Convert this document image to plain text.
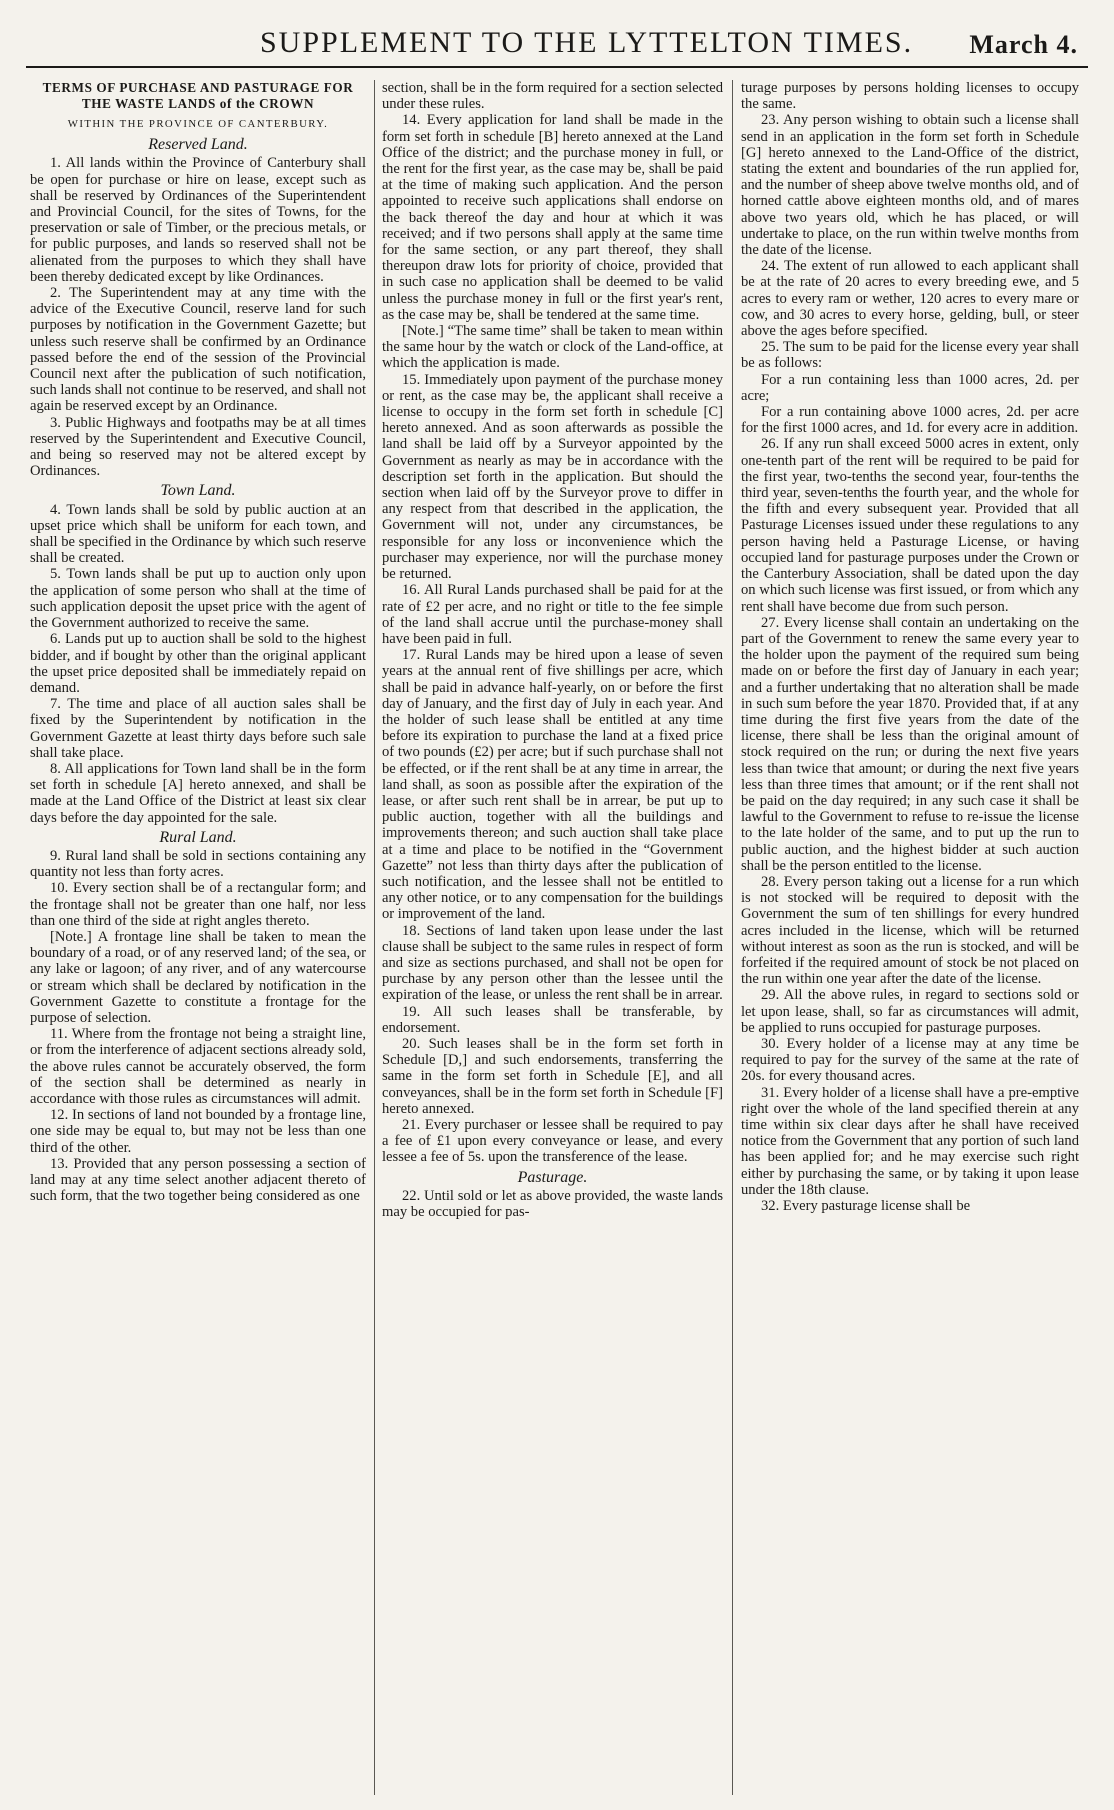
SUPPLEMENT TO THE LYTTELTON TIMES. March 4.

TERMS OF PURCHASE AND PASTURAGE FOR THE WASTE LANDS of the CROWN

WITHIN THE PROVINCE OF CANTERBURY.

Reserved Land.

1. All lands within the Province of Canterbury shall be open for purchase or hire on lease, except such as shall be reserved by Ordinances of the Superintendent and Provincial Council, for the sites of Towns, for the preservation or sale of Timber, or the precious metals, or for public purposes, and lands so reserved shall not be alienated from the purposes to which they shall have been thereby dedicated except by like Ordinances.

2. The Superintendent may at any time with the advice of the Executive Council, reserve land for such purposes by notification in the Government Gazette; but unless such reserve shall be confirmed by an Ordinance passed before the end of the session of the Provincial Council next after the publication of such notification, such lands shall not continue to be reserved, and shall not again be reserved except by an Ordinance.

3. Public Highways and footpaths may be at all times reserved by the Superintendent and Executive Council, and being so reserved may not be altered except by Ordinances.

Town Land.

4. Town lands shall be sold by public auction at an upset price which shall be uniform for each town, and shall be specified in the Ordinance by which such reserve shall be created.

5. Town lands shall be put up to auction only upon the application of some person who shall at the time of such application deposit the upset price with the agent of the Government authorized to receive the same.

6. Lands put up to auction shall be sold to the highest bidder, and if bought by other than the original applicant the upset price deposited shall be immediately repaid on demand.

7. The time and place of all auction sales shall be fixed by the Superintendent by notification in the Government Gazette at least thirty days before such sale shall take place.

8. All applications for Town land shall be in the form set forth in schedule [A] hereto annexed, and shall be made at the Land Office of the District at least six clear days before the day appointed for the sale.

Rural Land.

9. Rural land shall be sold in sections containing any quantity not less than forty acres.

10. Every section shall be of a rectangular form; and the frontage shall not be greater than one half, nor less than one third of the side at right angles thereto.

[Note.] A frontage line shall be taken to mean the boundary of a road, or of any reserved land; of the sea, or any lake or lagoon; of any river, and of any watercourse or stream which shall be declared by notification in the Government Gazette to constitute a frontage for the purpose of selection.

11. Where from the frontage not being a straight line, or from the interference of adjacent sections already sold, the above rules cannot be accurately observed, the form of the section shall be determined as nearly in accordance with those rules as circumstances will admit.

12. In sections of land not bounded by a frontage line, one side may be equal to, but may not be less than one third of the other.

13. Provided that any person possessing a section of land may at any time select another adjacent thereto of such form, that the two together being considered as one

section, shall be in the form required for a section selected under these rules.

14. Every application for land shall be made in the form set forth in schedule [B] hereto annexed at the Land Office of the district; and the purchase money in full, or the rent for the first year, as the case may be, shall be paid at the time of making such application. And the person appointed to receive such applications shall endorse on the back thereof the day and hour at which it was received; and if two persons shall apply at the same time for the same section, or any part thereof, they shall thereupon draw lots for priority of choice, provided that in such case no application shall be deemed to be valid unless the purchase money in full or the first year's rent, as the case may be, shall be tendered at the same time.

[Note.] “The same time” shall be taken to mean within the same hour by the watch or clock of the Land-office, at which the application is made.

15. Immediately upon payment of the purchase money or rent, as the case may be, the applicant shall receive a license to occupy in the form set forth in schedule [C] hereto annexed. And as soon afterwards as possible the land shall be laid off by a Surveyor appointed by the Government as nearly as may be in accordance with the description set forth in the application. But should the section when laid off by the Surveyor prove to differ in any respect from that described in the application, the Government will not, under any circumstances, be responsible for any loss or inconvenience which the purchaser may experience, nor will the purchase money be returned.

16. All Rural Lands purchased shall be paid for at the rate of £2 per acre, and no right or title to the fee simple of the land shall accrue until the purchase-money shall have been paid in full.

17. Rural Lands may be hired upon a lease of seven years at the annual rent of five shillings per acre, which shall be paid in advance half-yearly, on or before the first day of January, and the first day of July in each year. And the holder of such lease shall be entitled at any time before its expiration to purchase the land at a fixed price of two pounds (£2) per acre; but if such purchase shall not be effected, or if the rent shall be at any time in arrear, the land shall, as soon as possible after the expiration of the lease, or after such rent shall be in arrear, be put up to public auction, together with all the buildings and improvements thereon; and such auction shall take place at a time and place to be notified in the “Government Gazette” not less than thirty days after the publication of such notification, and the lessee shall not be entitled to any other notice, or to any compensation for the buildings or improvement of the land.

18. Sections of land taken upon lease under the last clause shall be subject to the same rules in respect of form and size as sections purchased, and shall not be open for purchase by any person other than the lessee until the expiration of the lease, or unless the rent shall be in arrear.

19. All such leases shall be transferable, by endorsement.

20. Such leases shall be in the form set forth in Schedule [D,] and such endorsements, transferring the same in the form set forth in Schedule [E], and all conveyances, shall be in the form set forth in Schedule [F] hereto annexed.

21. Every purchaser or lessee shall be required to pay a fee of £1 upon every conveyance or lease, and every lessee a fee of 5s. upon the transference of the lease.

Pasturage.

22. Until sold or let as above provided, the waste lands may be occupied for pas-

turage purposes by persons holding licenses to occupy the same.

23. Any person wishing to obtain such a license shall send in an application in the form set forth in Schedule [G] hereto annexed to the Land-Office of the district, stating the extent and boundaries of the run applied for, and the number of sheep above twelve months old, and of horned cattle above eighteen months old, and of mares above two years old, which he has placed, or will undertake to place, on the run within twelve months from the date of the license.

24. The extent of run allowed to each applicant shall be at the rate of 20 acres to every breeding ewe, and 5 acres to every ram or wether, 120 acres to every mare or cow, and 30 acres to every horse, gelding, bull, or steer above the ages before specified.

25. The sum to be paid for the license every year shall be as follows:

For a run containing less than 1000 acres, 2d. per acre;

For a run containing above 1000 acres, 2d. per acre for the first 1000 acres, and 1d. for every acre in addition.

26. If any run shall exceed 5000 acres in extent, only one-tenth part of the rent will be required to be paid for the first year, two-tenths the second year, four-tenths the third year, seven-tenths the fourth year, and the whole for the fifth and every subsequent year. Provided that all Pasturage Licenses issued under these regulations to any person having held a Pasturage License, or having occupied land for pasturage purposes under the Crown or the Canterbury Association, shall be dated upon the day on which such license was first issued, or from which any rent shall have become due from such person.

27. Every license shall contain an undertaking on the part of the Government to renew the same every year to the holder upon the payment of the required sum being made on or before the first day of January in each year; and a further undertaking that no alteration shall be made in such sum before the year 1870. Provided that, if at any time during the first five years from the date of the license, there shall be less than the original amount of stock required on the run; or during the next five years less than twice that amount; or during the next five years less than three times that amount; or if the rent shall not be paid on the day required; in any such case it shall be lawful to the Government to refuse to re-issue the license to the late holder of the same, and to put up the run to public auction, and the highest bidder at such auction shall be the person entitled to the license.

28. Every person taking out a license for a run which is not stocked will be required to deposit with the Government the sum of ten shillings for every hundred acres included in the license, which will be returned without interest as soon as the run is stocked, and will be forfeited if the required amount of stock be not placed on the run within one year after the date of the license.

29. All the above rules, in regard to sections sold or let upon lease, shall, so far as circumstances will admit, be applied to runs occupied for pasturage purposes.

30. Every holder of a license may at any time be required to pay for the survey of the same at the rate of 20s. for every thousand acres.

31. Every holder of a license shall have a pre-emptive right over the whole of the land specified therein at any time within six clear days after he shall have received notice from the Government that any portion of such land has been applied for; and he may exercise such right either by purchasing the same, or by taking it upon lease under the 18th clause.

32. Every pasturage license shall be
